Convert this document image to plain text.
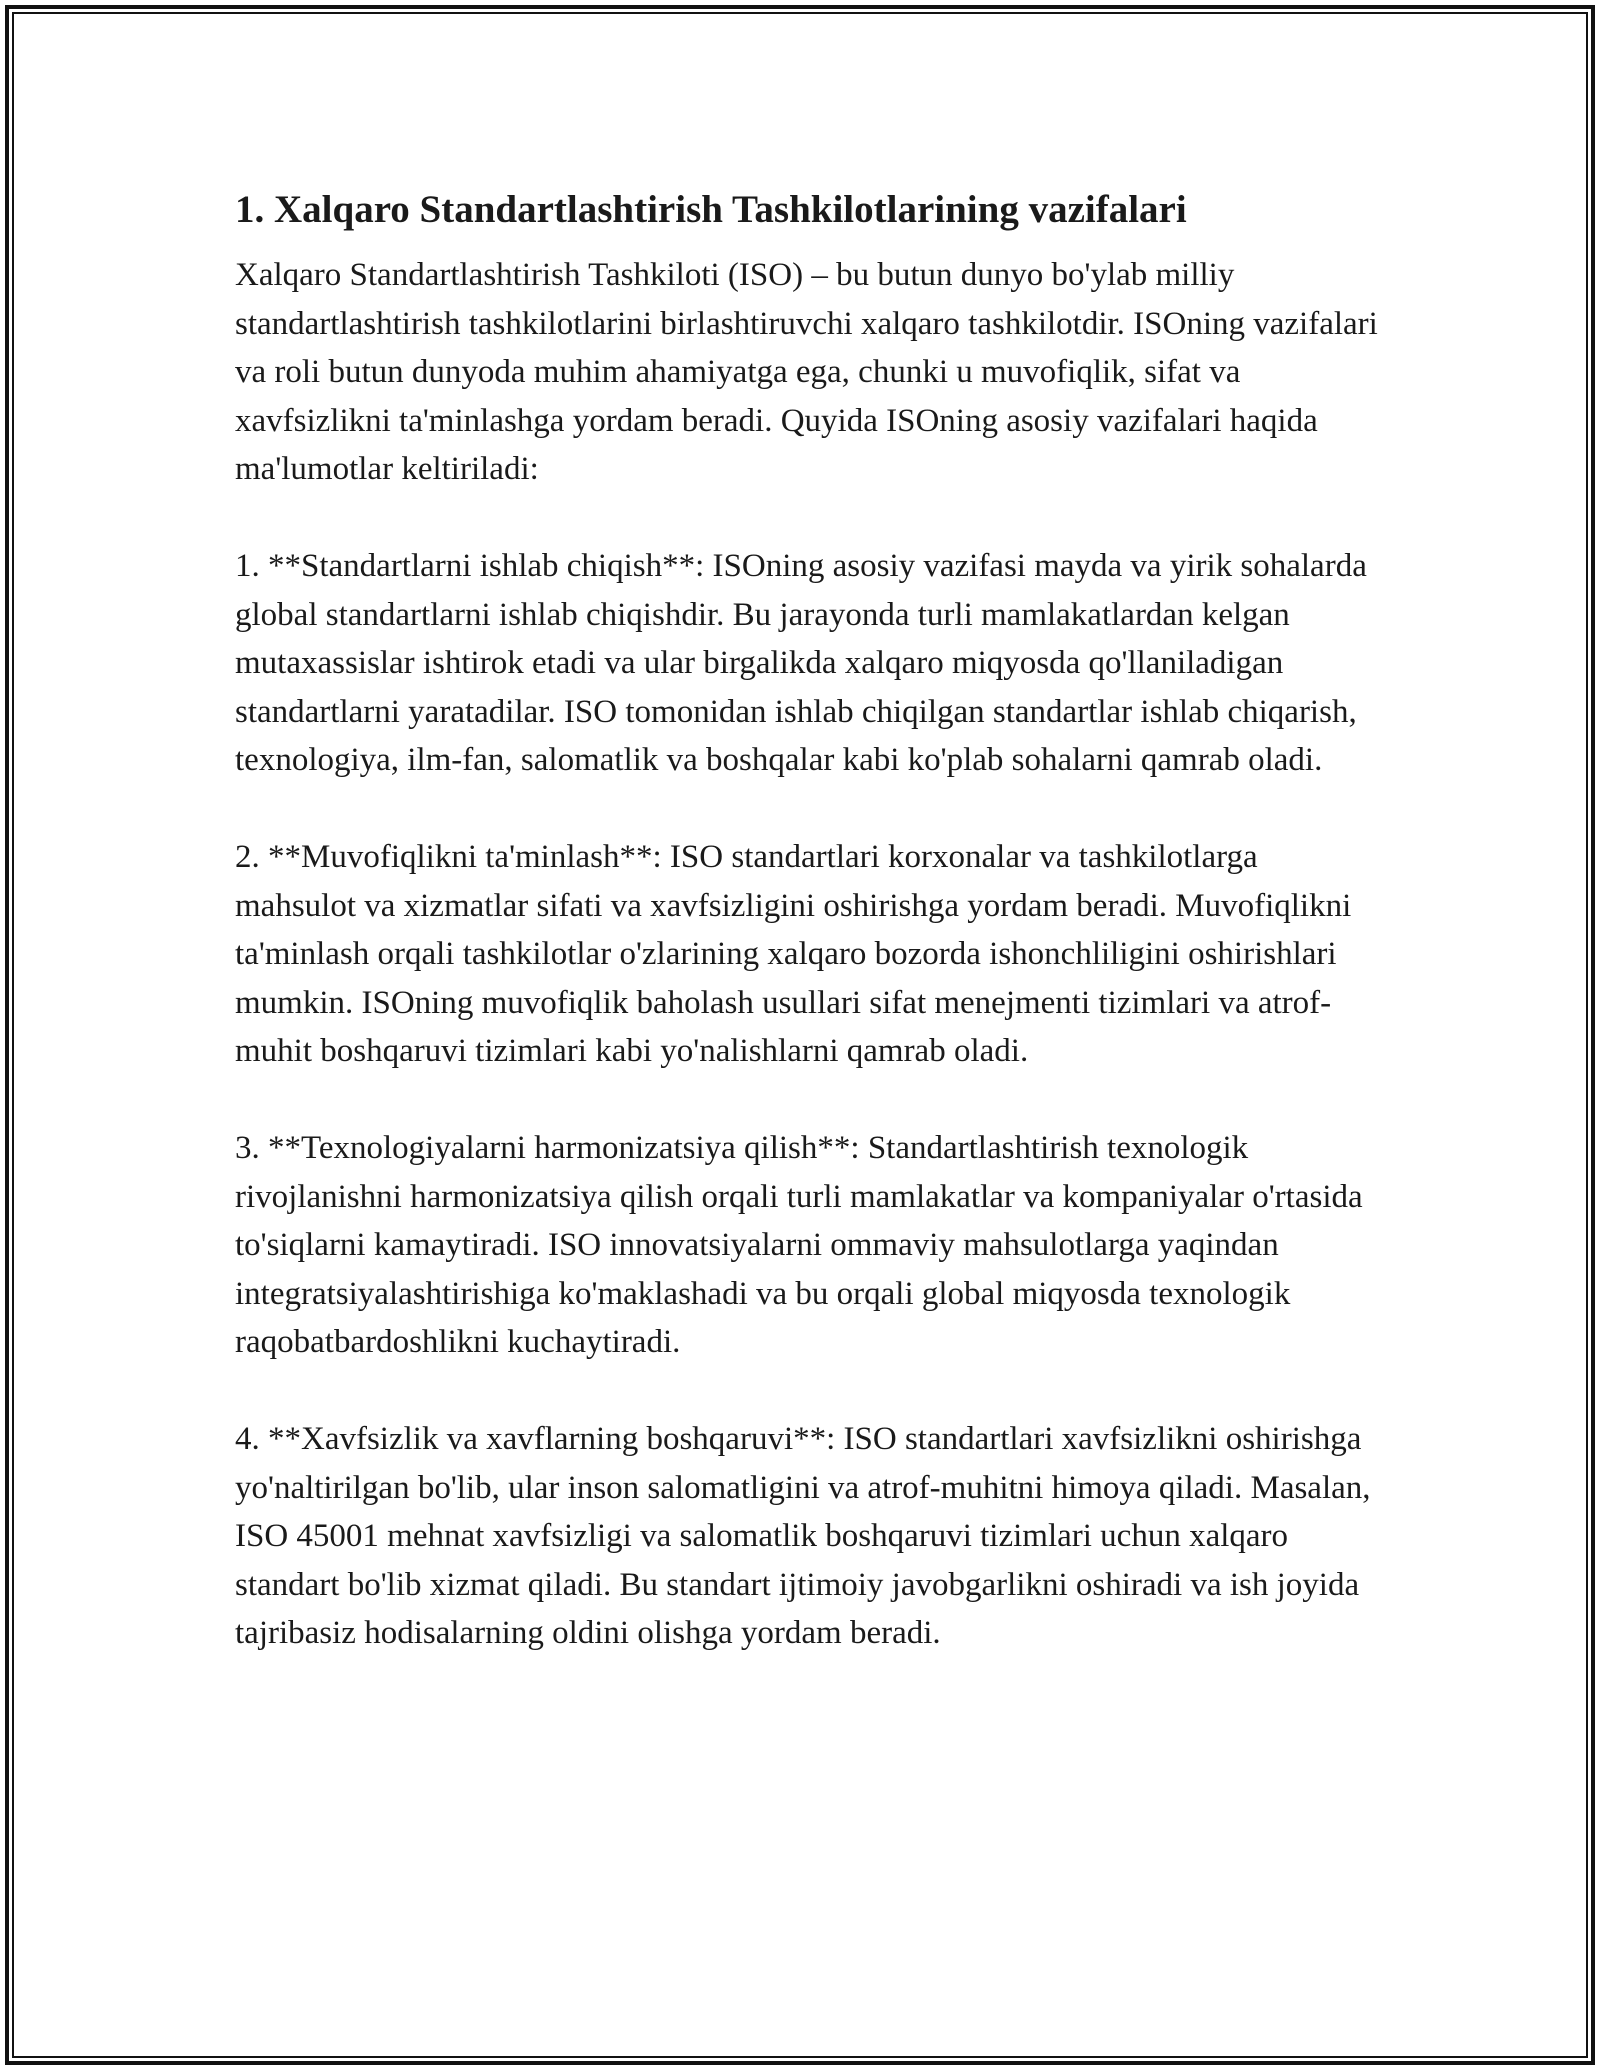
1. Xalqaro Standartlashtirish Tashkilotlarining vazifalari

Xalqaro Standartlashtirish Tashkiloti (ISO) – bu butun dunyo bo'ylab milliy standartlashtirish tashkilotlarini birlashtiruvchi xalqaro tashkilotdir. ISOning vazifalari va roli butun dunyoda muhim ahamiyatga ega, chunki u muvofiqlik, sifat va xavfsizlikni ta'minlashga yordam beradi. Quyida ISOning asosiy vazifalari haqida ma'lumotlar keltiriladi:

1. **Standartlarni ishlab chiqish**: ISOning asosiy vazifasi mayda va yirik sohalarda global standartlarni ishlab chiqishdir. Bu jarayonda turli mamlakatlardan kelgan mutaxassislar ishtirok etadi va ular birgalikda xalqaro miqyosda qo'llaniladigan standartlarni yaratadilar. ISO tomonidan ishlab chiqilgan standartlar ishlab chiqarish, texnologiya, ilm-fan, salomatlik va boshqalar kabi ko'plab sohalarni qamrab oladi.

2. **Muvofiqlikni ta'minlash**: ISO standartlari korxonalar va tashkilotlarga mahsulot va xizmatlar sifati va xavfsizligini oshirishga yordam beradi. Muvofiqlikni ta'minlash orqali tashkilotlar o'zlarining xalqaro bozorda ishonchliligini oshirishlari mumkin. ISOning muvofiqlik baholash usullari sifat menejmenti tizimlari va atrof-muhit boshqaruvi tizimlari kabi yo'nalishlarni qamrab oladi.

3. **Texnologiyalarni harmonizatsiya qilish**: Standartlashtirish texnologik rivojlanishni harmonizatsiya qilish orqali turli mamlakatlar va kompaniyalar o'rtasida to'siqlarni kamaytiradi. ISO innovatsiyalarni ommaviy mahsulotlarga yaqindan integratsiyalashtirishiga ko'maklashadi va bu orqali global miqyosda texnologik raqobatbardoshlikni kuchaytiradi.

4. **Xavfsizlik va xavflarning boshqaruvi**: ISO standartlari xavfsizlikni oshirishga yo'naltirilgan bo'lib, ular inson salomatligini va atrof-muhitni himoya qiladi. Masalan, ISO 45001 mehnat xavfsizligi va salomatlik boshqaruvi tizimlari uchun xalqaro standart bo'lib xizmat qiladi. Bu standart ijtimoiy javobgarlikni oshiradi va ish joyida tajribasiz hodisalarning oldini olishga yordam beradi.
